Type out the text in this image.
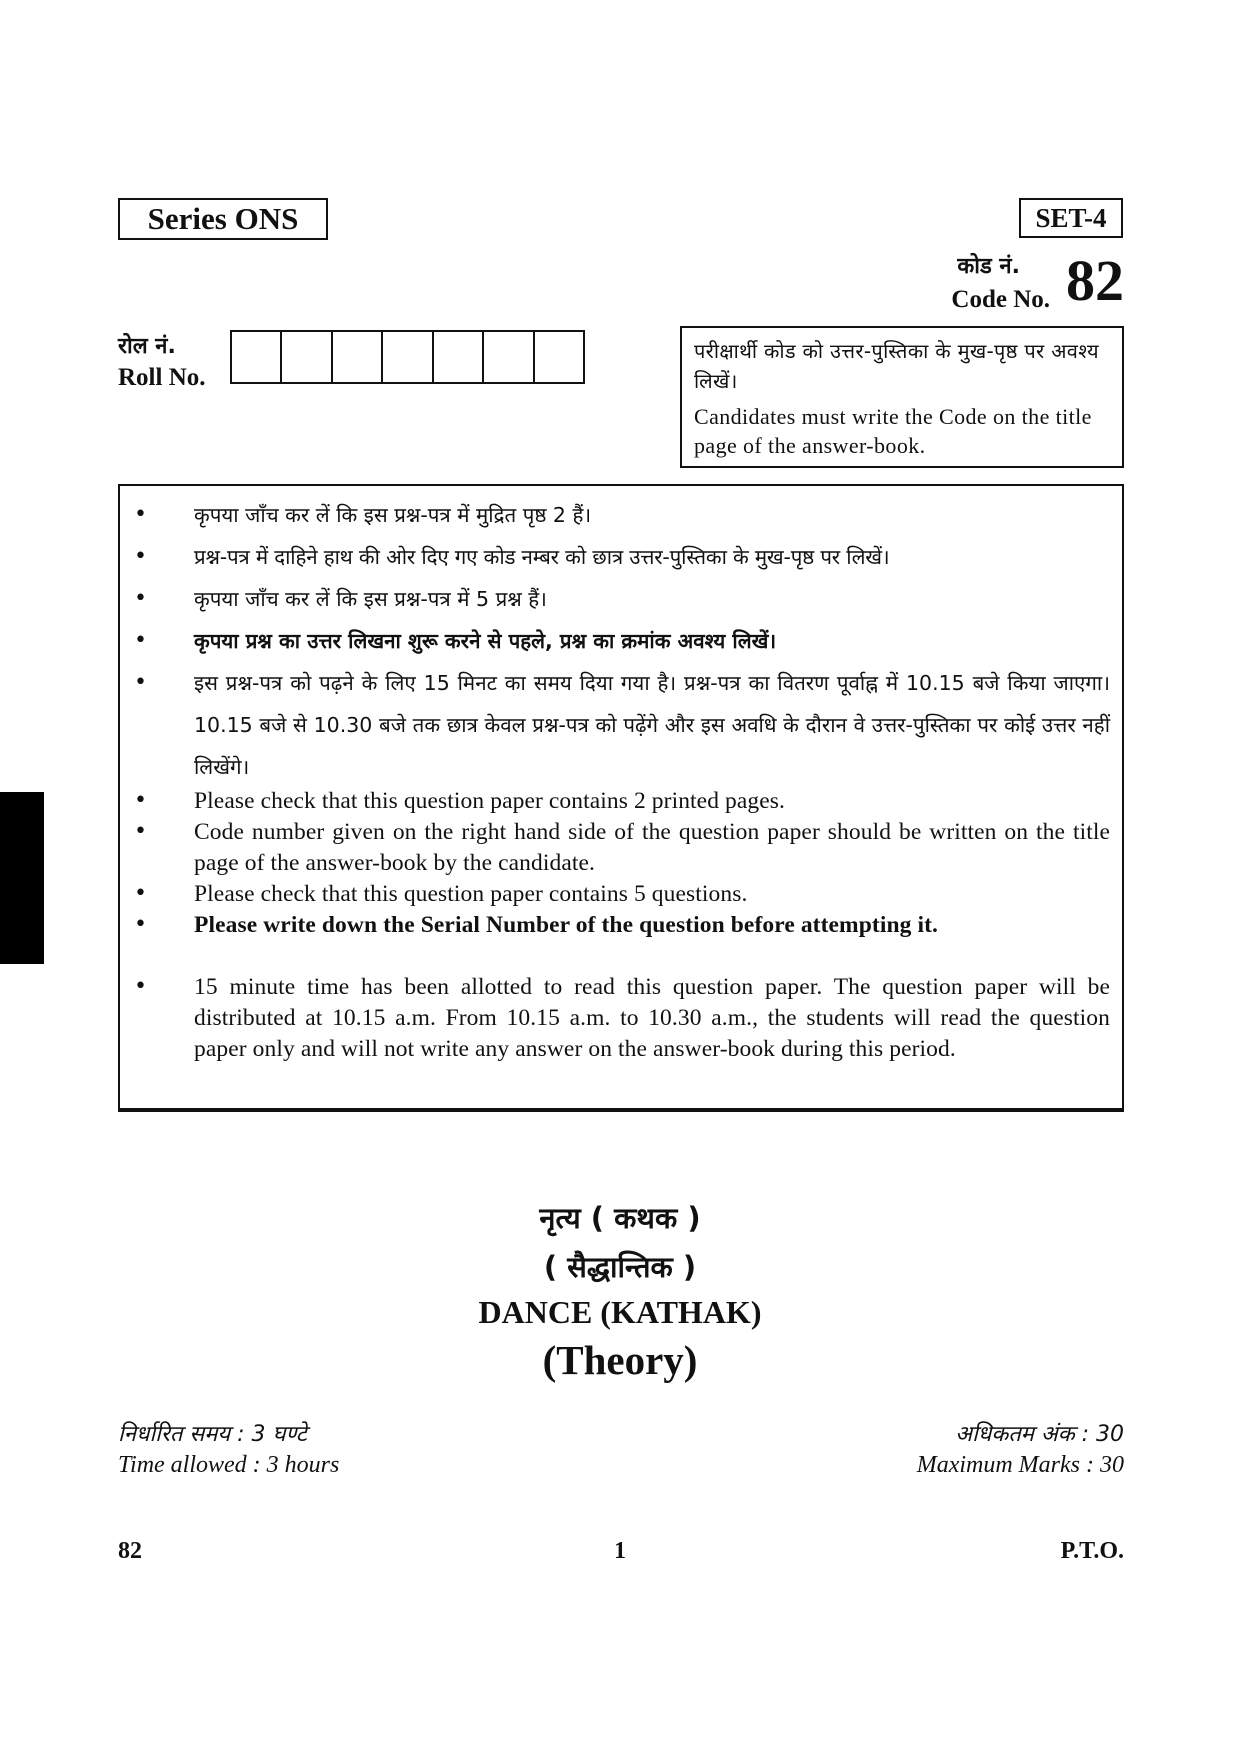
Series ONS	SET-4
कोड नं.
Code No. 82
रोल नं.
Roll No.
परीक्षार्थी कोड को उत्तर-पुस्तिका के मुख-पृष्ठ पर अवश्य लिखें।
Candidates must write the Code on the title page of the answer-book.
• कृपया जाँच कर लें कि इस प्रश्न-पत्र में मुद्रित पृष्ठ 2 हैं।
• प्रश्न-पत्र में दाहिने हाथ की ओर दिए गए कोड नम्बर को छात्र उत्तर-पुस्तिका के मुख-पृष्ठ पर लिखें।
• कृपया जाँच कर लें कि इस प्रश्न-पत्र में 5 प्रश्न हैं।
• कृपया प्रश्न का उत्तर लिखना शुरू करने से पहले, प्रश्न का क्रमांक अवश्य लिखें।
• इस प्रश्न-पत्र को पढ़ने के लिए 15 मिनट का समय दिया गया है। प्रश्न-पत्र का वितरण पूर्वाह्न में 10.15 बजे किया जाएगा। 10.15 बजे से 10.30 बजे तक छात्र केवल प्रश्न-पत्र को पढ़ेंगे और इस अवधि के दौरान वे उत्तर-पुस्तिका पर कोई उत्तर नहीं लिखेंगे।
• Please check that this question paper contains 2 printed pages.
• Code number given on the right hand side of the question paper should be written on the title page of the answer-book by the candidate.
• Please check that this question paper contains 5 questions.
• Please write down the Serial Number of the question before attempting it.
• 15 minute time has been allotted to read this question paper. The question paper will be distributed at 10.15 a.m. From 10.15 a.m. to 10.30 a.m., the students will read the question paper only and will not write any answer on the answer-book during this period.
नृत्य ( कथक )
( सैद्धान्तिक )
DANCE (KATHAK)
(Theory)
निर्धारित समय : 3 घण्टे
Time allowed : 3 hours
अधिकतम अंक : 30
Maximum Marks : 30
82	1	P.T.O.
